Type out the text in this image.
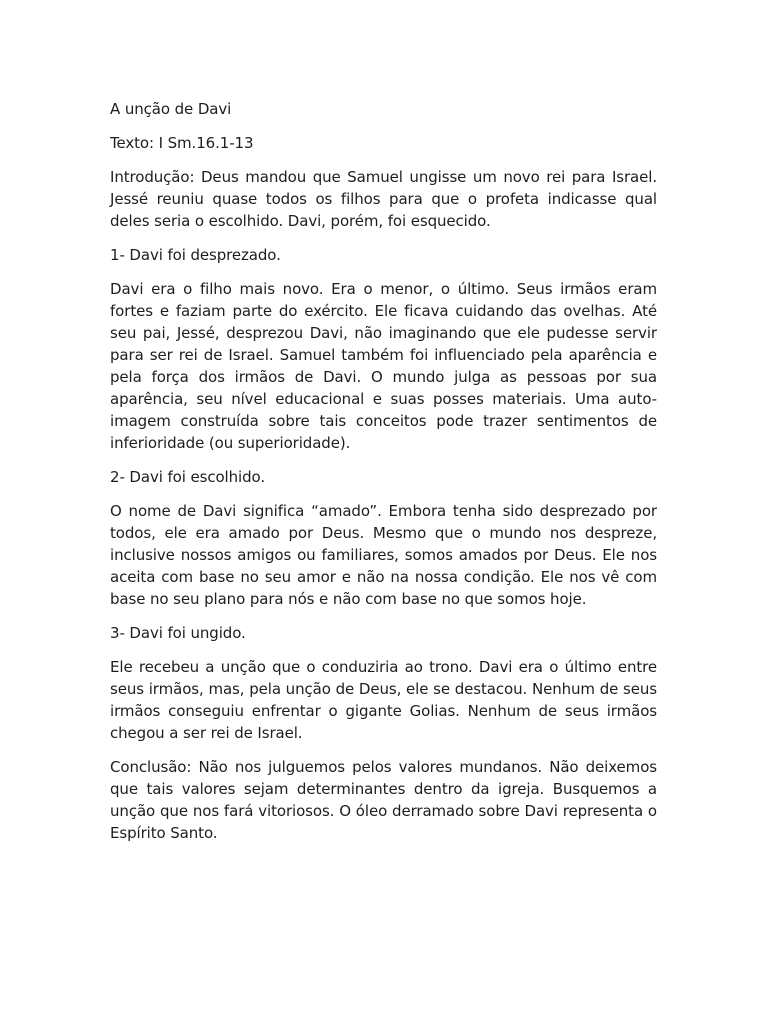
A unção de Davi

Texto: I Sm.16.1-13

Introdução: Deus mandou que Samuel ungisse um novo rei para Israel. Jessé reuniu quase todos os filhos para que o profeta indicasse qual deles seria o escolhido. Davi, porém, foi esquecido.

1- Davi foi desprezado.

Davi era o filho mais novo. Era o menor, o último. Seus irmãos eram fortes e faziam parte do exército. Ele ficava cuidando das ovelhas. Até seu pai, Jessé, desprezou Davi, não imaginando que ele pudesse servir para ser rei de Israel. Samuel também foi influenciado pela aparência e pela força dos irmãos de Davi. O mundo julga as pessoas por sua aparência, seu nível educacional e suas posses materiais. Uma auto-imagem construída sobre tais conceitos pode trazer sentimentos de inferioridade (ou superioridade).

2- Davi foi escolhido.

O nome de Davi significa “amado”. Embora tenha sido desprezado por todos, ele era amado por Deus. Mesmo que o mundo nos despreze, inclusive nossos amigos ou familiares, somos amados por Deus. Ele nos aceita com base no seu amor e não na nossa condição. Ele nos vê com base no seu plano para nós e não com base no que somos hoje.

3- Davi foi ungido.

Ele recebeu a unção que o conduziria ao trono. Davi era o último entre seus irmãos, mas, pela unção de Deus, ele se destacou. Nenhum de seus irmãos conseguiu enfrentar o gigante Golias. Nenhum de seus irmãos chegou a ser rei de Israel.

Conclusão: Não nos julguemos pelos valores mundanos. Não deixemos que tais valores sejam determinantes dentro da igreja. Busquemos a unção que nos fará vitoriosos. O óleo derramado sobre Davi representa o Espírito Santo.
